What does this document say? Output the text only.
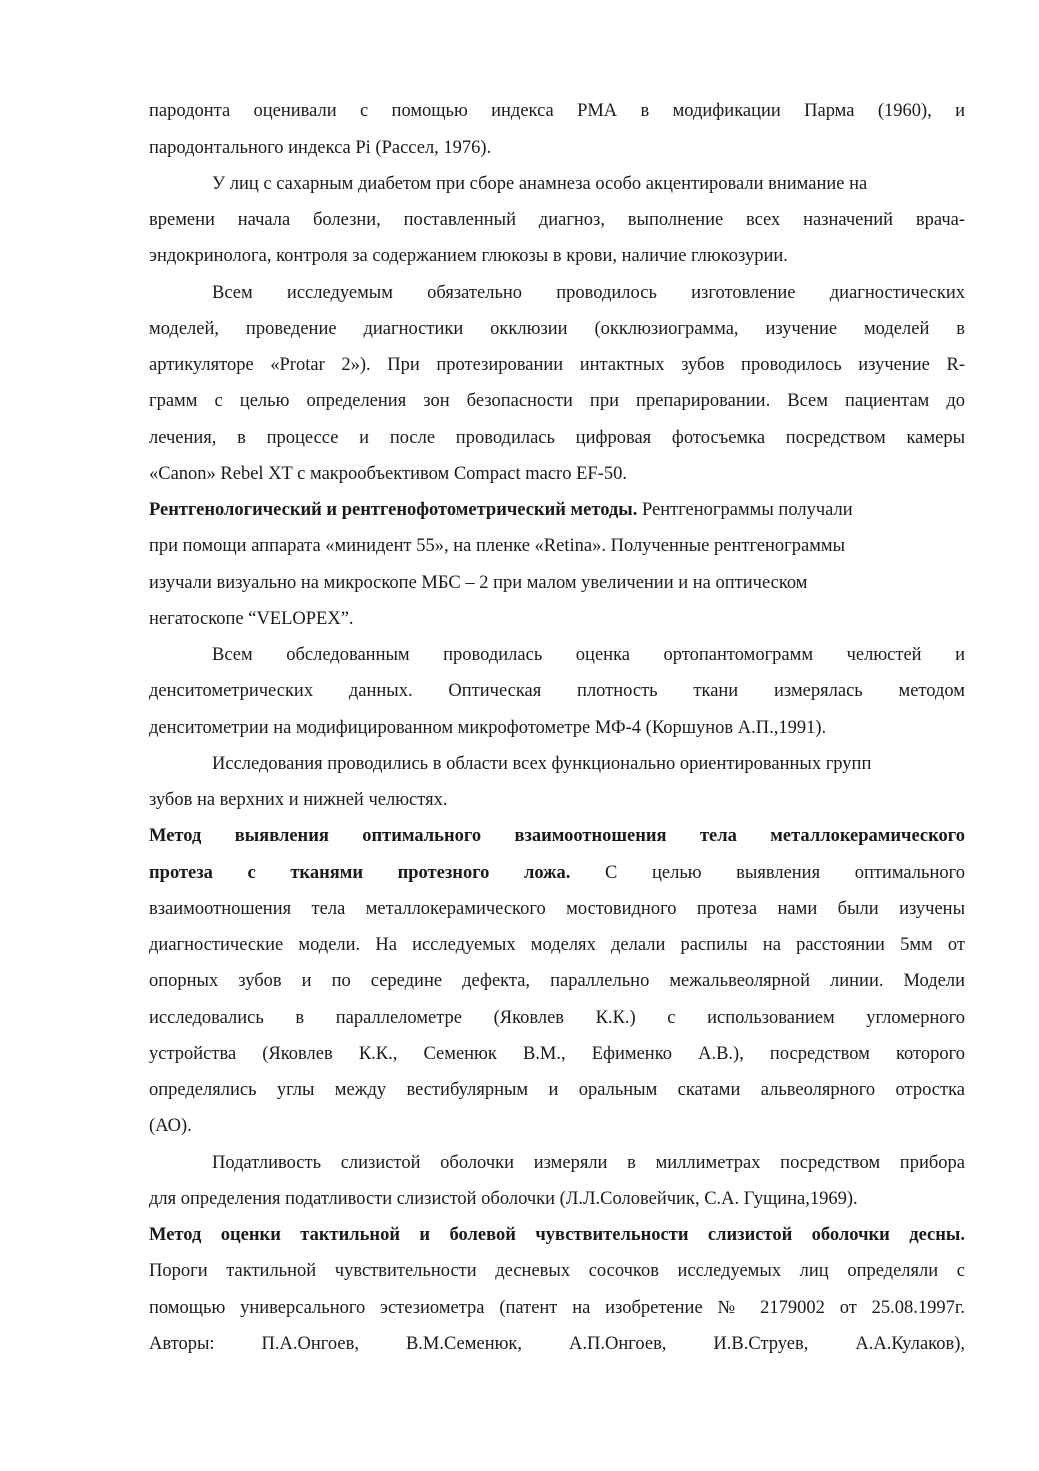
пародонта оценивали с помощью индекса РМА в модификации Парма (1960), и
пародонтального индекса Pi (Рассел, 1976).
У лиц с сахарным диабетом при сборе анамнеза особо акцентировали внимание на
времени начала болезни, поставленный диагноз, выполнение всех назначений врача-
эндокринолога, контроля за содержанием глюкозы в крови, наличие глюкозурии.
Всем исследуемым обязательно проводилось изготовление диагностических
моделей, проведение диагностики окклюзии (окклюзиограмма, изучение моделей в
артикуляторе «Protar 2»). При протезировании интактных зубов проводилось изучение R-
грамм с целью определения зон безопасности при препарировании. Всем пациентам до
лечения, в процессе и после проводилась цифровая фотосъемка посредством камеры
«Canon» Rebel XT с макрообъективом Compact macro EF-50.
Рентгенологический и рентгенофотометрический методы. Рентгенограммы получали
при помощи аппарата «минидент 55», на пленке «Retina». Полученные рентгенограммы
изучали визуально на микроскопе МБС – 2 при малом увеличении и на оптическом
негатоскопе “VELOPEX”.
Всем обследованным проводилась оценка ортопантомограмм челюстей и
денситометрических данных. Оптическая плотность ткани измерялась методом
денситометрии на модифицированном микрофотометре МФ-4 (Коршунов А.П.,1991).
Исследования проводились в области всех функционально ориентированных групп
зубов на верхних и нижней челюстях.
Метод выявления оптимального взаимоотношения тела металлокерамического
протеза с тканями протезного ложа. С целью выявления оптимального
взаимоотношения тела металлокерамического мостовидного протеза нами были изучены
диагностические модели. На исследуемых моделях делали распилы на расстоянии 5мм от
опорных зубов и по середине дефекта, параллельно межальвеолярной линии. Модели
исследовались в параллелометре (Яковлев К.К.) с использованием угломерного
устройства (Яковлев К.К., Семенюк В.М., Ефименко А.В.), посредством которого
определялись углы между вестибулярным и оральным скатами альвеолярного отростка
(АО).
Податливость слизистой оболочки измеряли в миллиметрах посредством прибора
для определения податливости слизистой оболочки (Л.Л.Соловейчик, С.А. Гущина,1969).
Метод оценки тактильной и болевой чувствительности слизистой оболочки десны.
Пороги тактильной чувствительности десневых сосочков исследуемых лиц определяли с
помощью универсального эстезиометра (патент на изобретение № 2179002 от 25.08.1997г.
Авторы: П.А.Онгоев, В.М.Семенюк, А.П.Онгоев, И.В.Струев, А.А.Кулаков),
